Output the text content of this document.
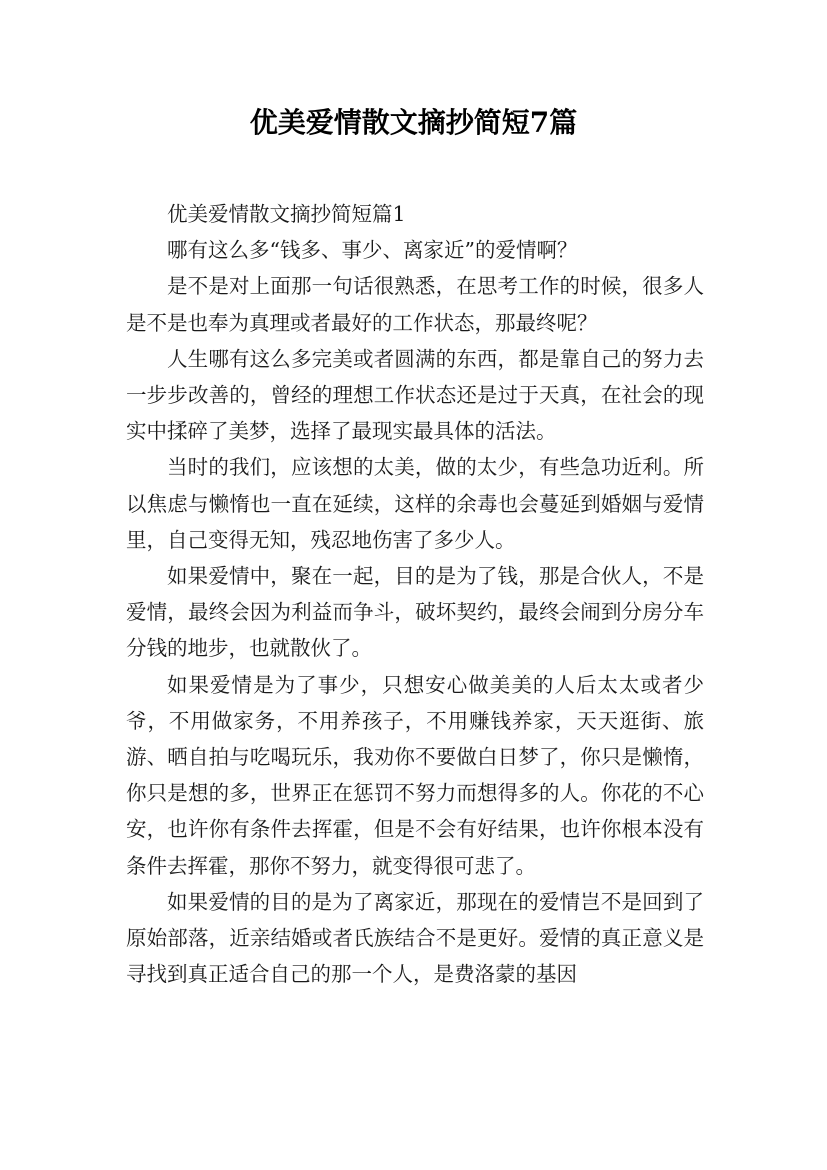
优美爱情散文摘抄简短7篇

优美爱情散文摘抄简短篇1

哪有这么多“钱多、事少、离家近”的爱情啊？

是不是对上面那一句话很熟悉，在思考工作的时候，很多人是不是也奉为真理或者最好的工作状态，那最终呢？

人生哪有这么多完美或者圆满的东西，都是靠自己的努力去一步步改善的，曾经的理想工作状态还是过于天真，在社会的现实中揉碎了美梦，选择了最现实最具体的活法。

当时的我们，应该想的太美，做的太少，有些急功近利。所以焦虑与懒惰也一直在延续，这样的余毒也会蔓延到婚姻与爱情里，自己变得无知，残忍地伤害了多少人。

如果爱情中，聚在一起，目的是为了钱，那是合伙人，不是爱情，最终会因为利益而争斗，破坏契约，最终会闹到分房分车分钱的地步，也就散伙了。

如果爱情是为了事少，只想安心做美美的人后太太或者少爷，不用做家务，不用养孩子，不用赚钱养家，天天逛街、旅游、晒自拍与吃喝玩乐，我劝你不要做白日梦了，你只是懒惰，你只是想的多，世界正在惩罚不努力而想得多的人。你花的不心安，也许你有条件去挥霍，但是不会有好结果，也许你根本没有条件去挥霍，那你不努力，就变得很可悲了。

如果爱情的目的是为了离家近，那现在的爱情岂不是回到了原始部落，近亲结婚或者氏族结合不是更好。爱情的真正意义是寻找到真正适合自己的那一个人，是费洛蒙的基因
